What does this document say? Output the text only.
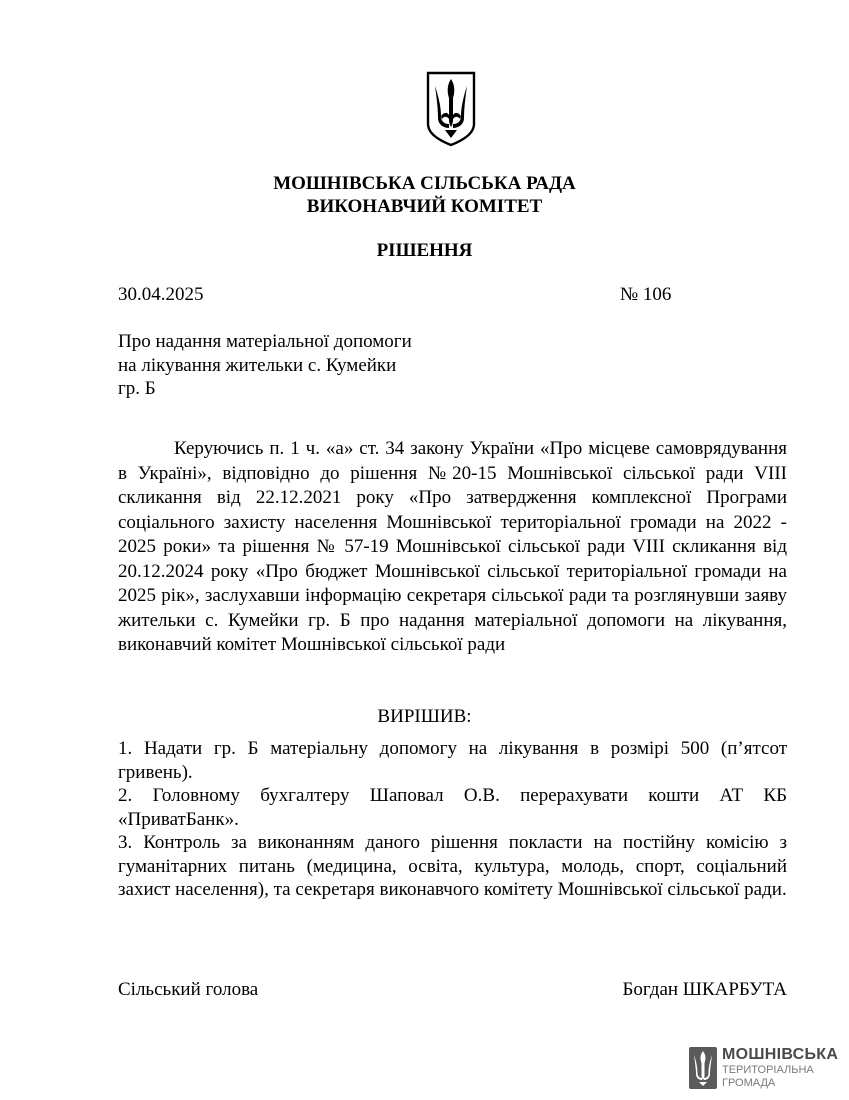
МОШНІВСЬКА СІЛЬСЬКА РАДА
ВИКОНАВЧИЙ КОМІТЕТ
РІШЕННЯ
30.04.2025	№ 106
Про надання матеріальної допомоги
на лікування жительки с. Кумейки
гр. Б

Керуючись п. 1 ч. «а» ст. 34 закону України «Про місцеве самоврядування в Україні», відповідно до рішення №20-15 Мошнівської сільської ради VIII скликання від 22.12.2021 року «Про затвердження комплексної Програми соціального захисту населення Мошнівської територіальної громади на 2022 - 2025 роки» та рішення № 57-19 Мошнівської сільської ради VIII скликання від 20.12.2024 року «Про бюджет Мошнівської сільської територіальної громади на 2025 рік», заслухавши інформацію секретаря сільської ради та розглянувши заяву жительки с. Кумейки гр. Б про надання матеріальної допомоги на лікування, виконавчий комітет Мошнівської сільської ради

ВИРІШИВ:

1. Надати гр. Б матеріальну допомогу на лікування в розмірі 500 (п’ятсот гривень).

2. Головному бухгалтеру Шаповал О.В. перерахувати кошти АТ КБ «ПриватБанк».

3. Контроль за виконанням даного рішення покласти на постійну комісію з гуманітарних питань (медицина, освіта, культура, молодь, спорт, соціальний захист населення), та секретаря виконавчого комітету Мошнівської сільської ради.

Сільський голова	Богдан ШКАРБУТА
МОШНІВСЬКА
ТЕРИТОРІАЛЬНА
ГРОМАДА
